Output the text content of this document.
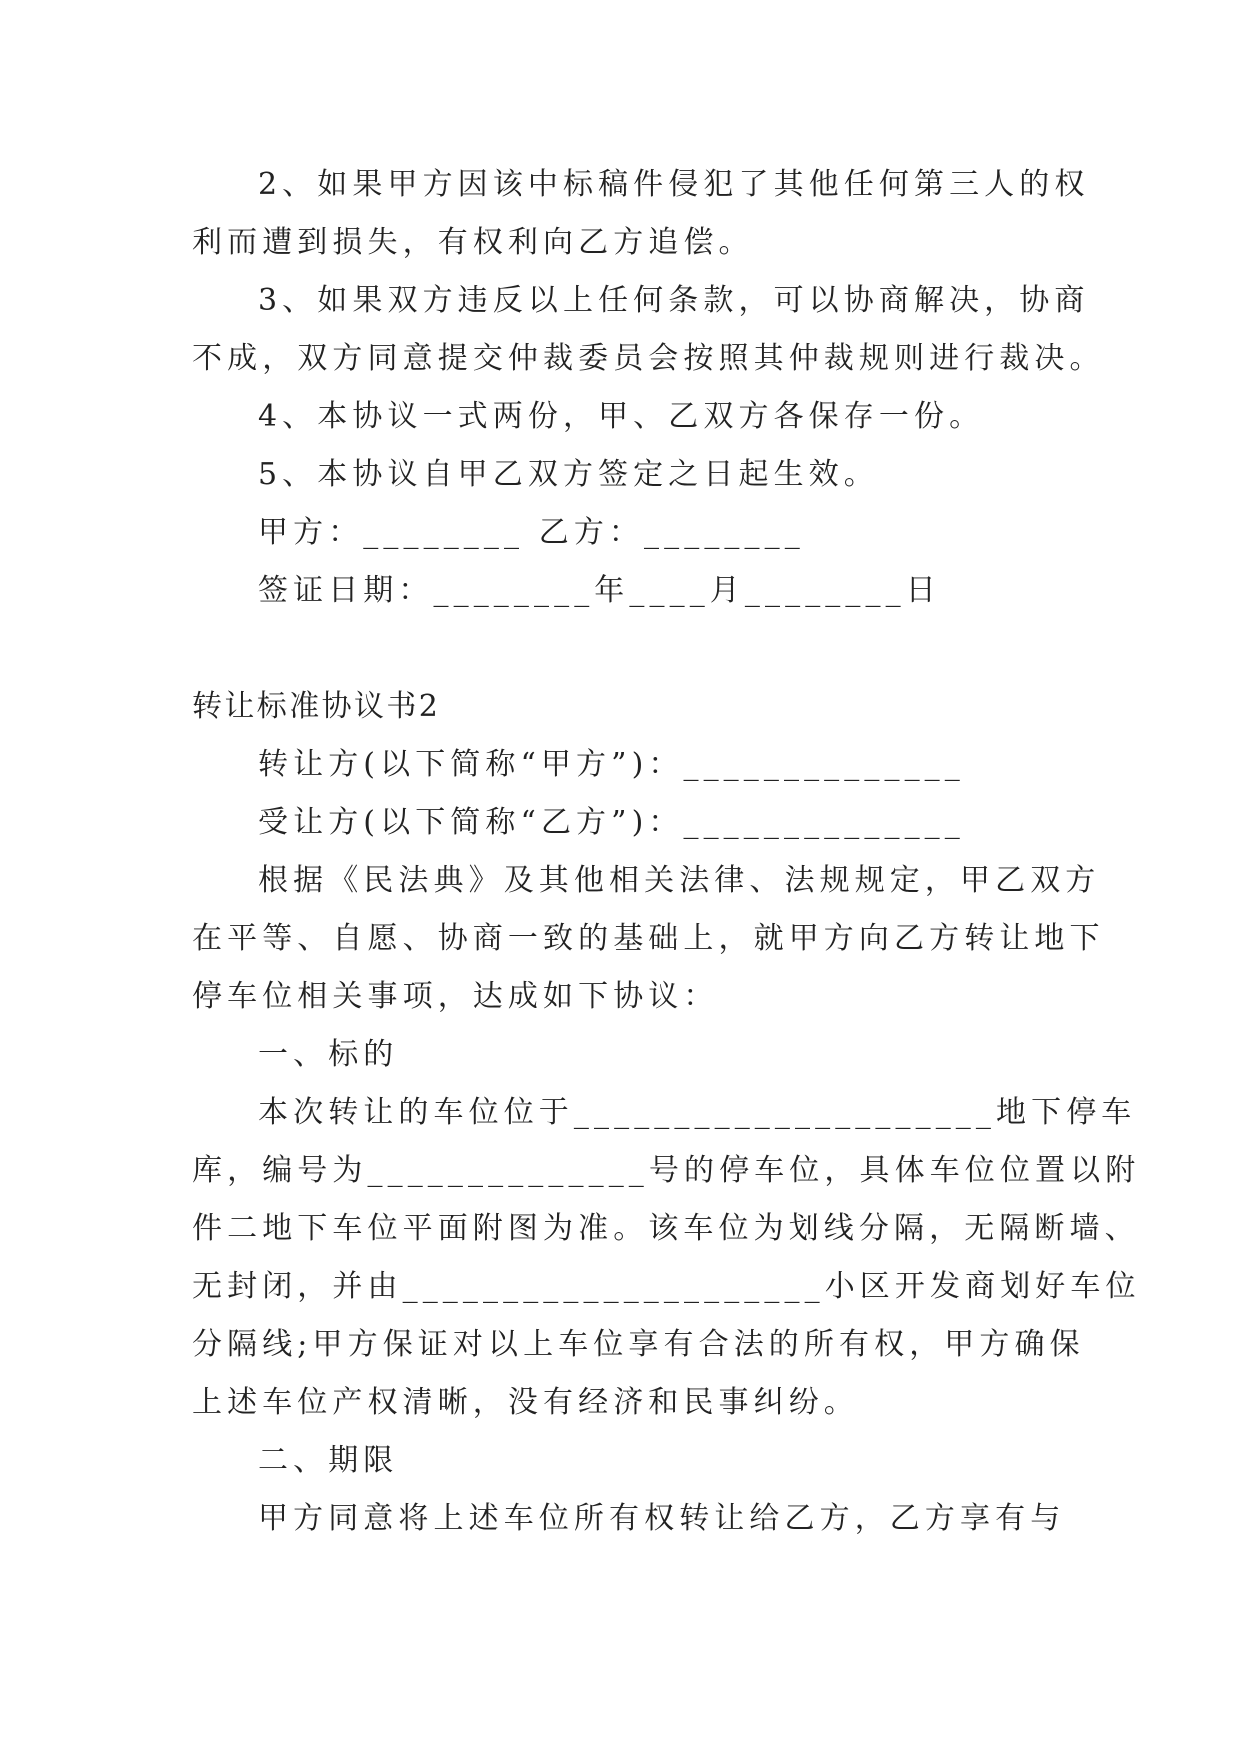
2、如果甲方因该中标稿件侵犯了其他任何第三人的权

利而遭到损失，有权利向乙方追偿。

3、如果双方违反以上任何条款，可以协商解决，协商

不成，双方同意提交仲裁委员会按照其仲裁规则进行裁决。

4、本协议一式两份，甲、乙双方各保存一份。

5、本协议自甲乙双方签定之日起生效。

甲方：________ 乙方：________

签证日期：________年____月________日

转让标准协议书2

转让方(以下简称“甲方”)：______________

受让方(以下简称“乙方”)：______________

根据《民法典》及其他相关法律、法规规定，甲乙双方

在平等、自愿、协商一致的基础上，就甲方向乙方转让地下

停车位相关事项，达成如下协议：

一、标的

本次转让的车位位于_____________________地下停车

库，编号为______________号的停车位，具体车位位置以附

件二地下车位平面附图为准。该车位为划线分隔，无隔断墙、

无封闭，并由_____________________小区开发商划好车位

分隔线;甲方保证对以上车位享有合法的所有权，甲方确保

上述车位产权清晰，没有经济和民事纠纷。

二、期限

甲方同意将上述车位所有权转让给乙方，乙方享有与
